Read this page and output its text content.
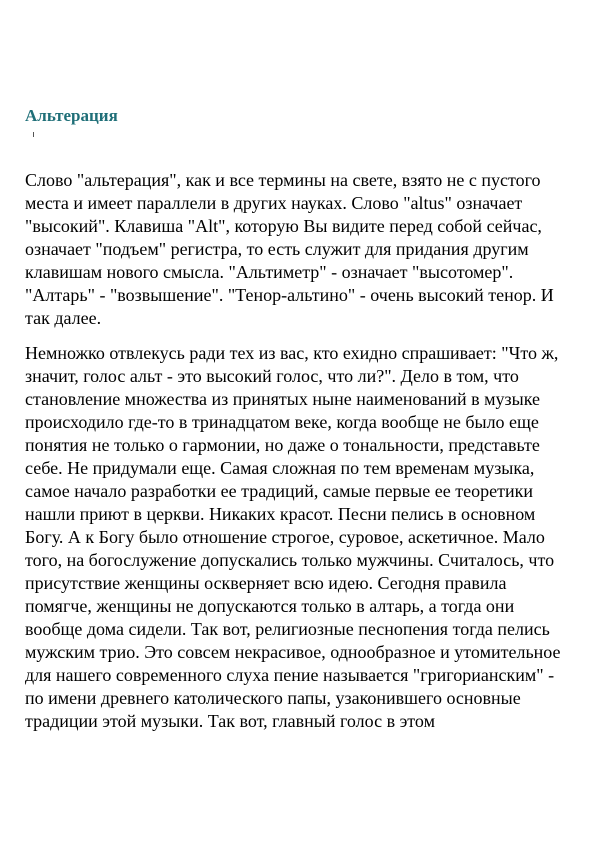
Альтерация

Слово "альтерация", как и все термины на свете, взято не с пустого места и имеет параллели в других науках. Слово "altus" означает "высокий". Клавиша "Alt", которую Вы видите перед собой сейчас, означает "подъем" регистра, то есть служит для придания другим клавишам нового смысла. "Альтиметр" - означает "высотомер". "Алтарь" - "возвышение". "Тенор-альтино" - очень высокий тенор. И так далее.

Немножко отвлекусь ради тех из вас, кто ехидно спрашивает: "Что ж, значит, голос альт - это высокий голос, что ли?". Дело в том, что становление множества из принятых ныне наименований в музыке происходило где-то в тринадцатом веке, когда вообще не было еще понятия не только о гармонии, но даже о тональности, представьте себе. Не придумали еще. Самая сложная по тем временам музыка, самое начало разработки ее традиций, самые первые ее теоретики нашли приют в церкви. Никаких красот. Песни пелись в основном Богу. А к Богу было отношение строгое, суровое, аскетичное. Мало того, на богослужение допускались только мужчины. Считалось, что присутствие женщины оскверняет всю идею. Сегодня правила помягче, женщины не допускаются только в алтарь, а тогда они вообще дома сидели. Так вот, религиозные песнопения тогда пелись мужским трио. Это совсем некрасивое, однообразное и утомительное для нашего современного слуха пение называется "григорианским" - по имени древнего католического папы, узаконившего основные традиции этой музыки. Так вот, главный голос в этом
